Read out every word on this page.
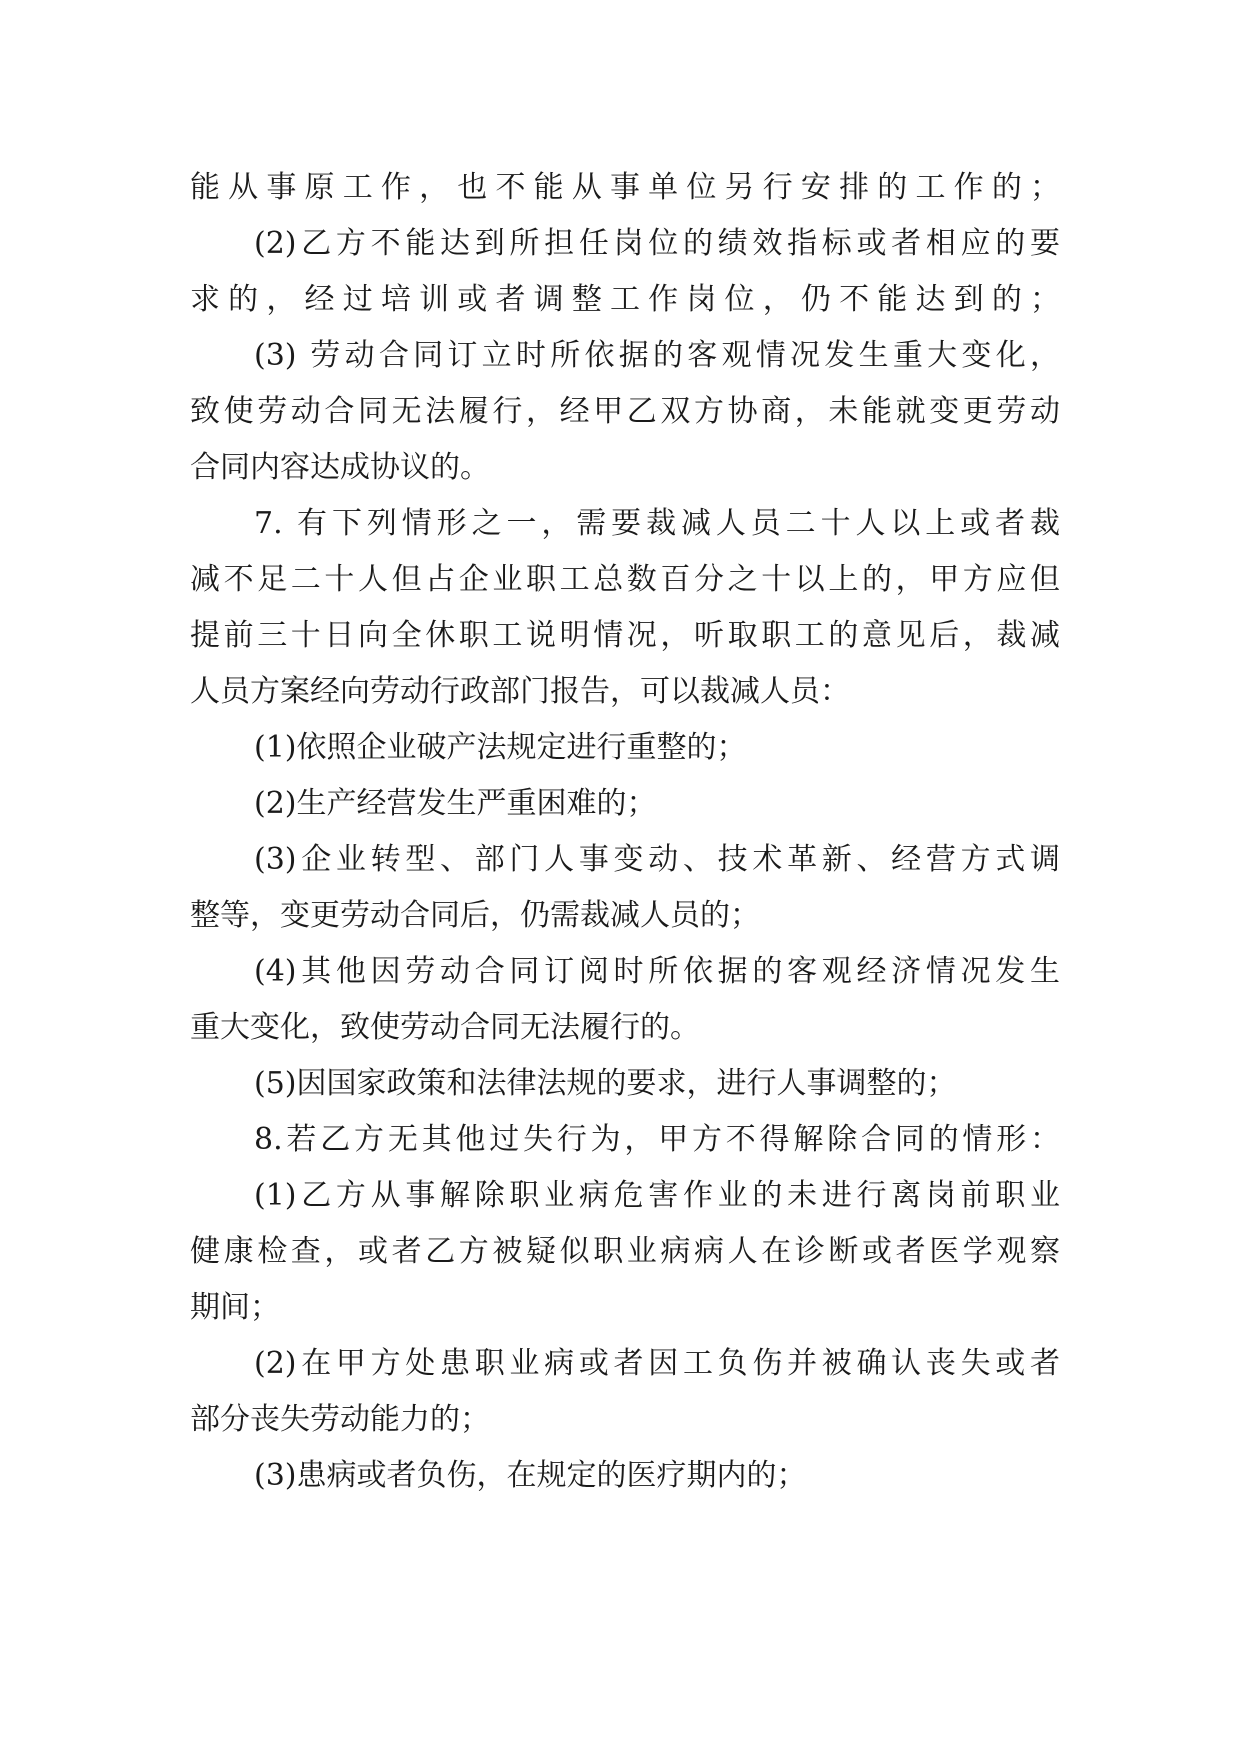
能从事原工作，也不能从事单位另行安排的工作的；
(2)乙方不能达到所担任岗位的绩效指标或者相应的要
求的，经过培训或者调整工作岗位，仍不能达到的；
(3) 劳动合同订立时所依据的客观情况发生重大变化，
致使劳动合同无法履行，经甲乙双方协商，未能就变更劳动
合同内容达成协议的。
7. 有下列情形之一，需要裁减人员二十人以上或者裁
减不足二十人但占企业职工总数百分之十以上的，甲方应但
提前三十日向全休职工说明情况，听取职工的意见后，裁减
人员方案经向劳动行政部门报告，可以裁减人员：
(1)依照企业破产法规定进行重整的；
(2)生产经营发生严重困难的；
(3)企业转型、部门人事变动、技术革新、经营方式调
整等，变更劳动合同后，仍需裁减人员的；
(4)其他因劳动合同订阅时所依据的客观经济情况发生
重大变化，致使劳动合同无法履行的。
(5)因国家政策和法律法规的要求，进行人事调整的；
8.若乙方无其他过失行为，甲方不得解除合同的情形：
(1)乙方从事解除职业病危害作业的未进行离岗前职业
健康检查，或者乙方被疑似职业病病人在诊断或者医学观察
期间；
(2)在甲方处患职业病或者因工负伤并被确认丧失或者
部分丧失劳动能力的；
(3)患病或者负伤，在规定的医疗期内的；
